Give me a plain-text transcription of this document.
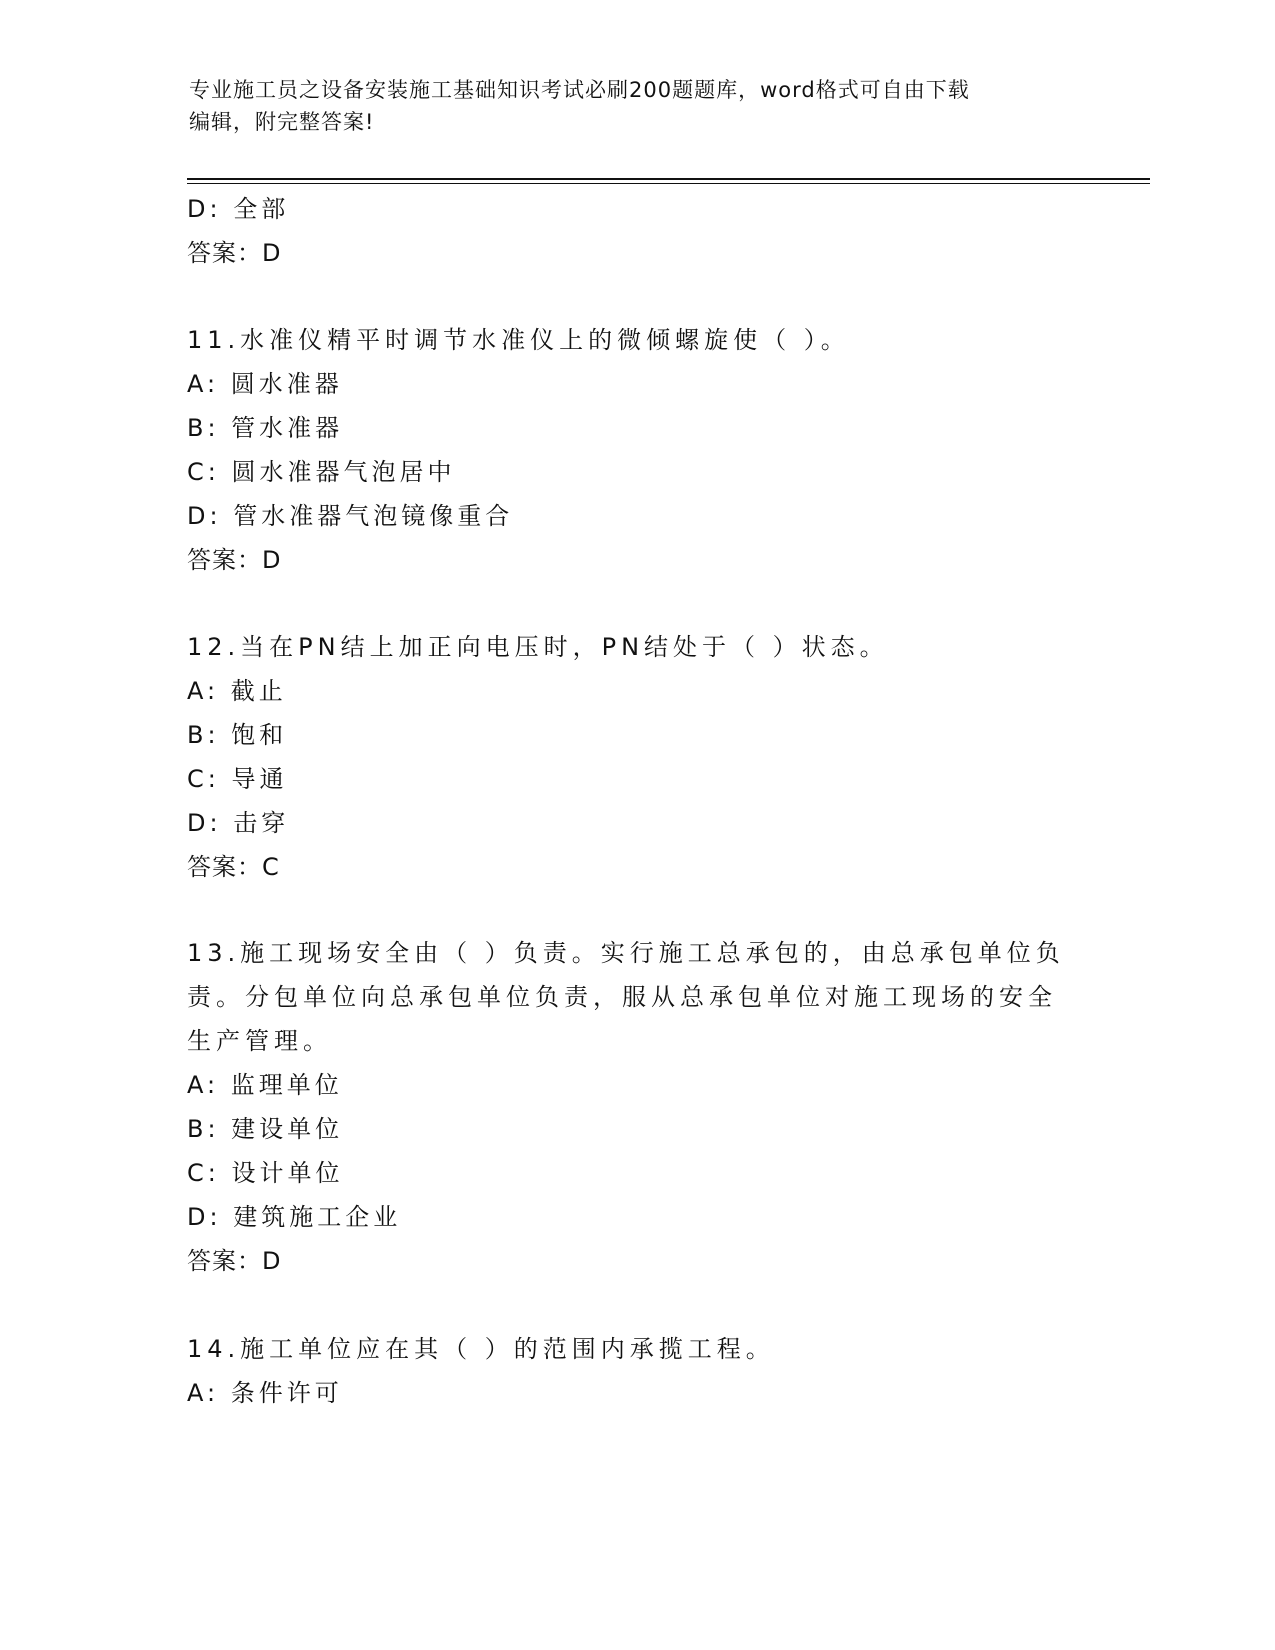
专业施工员之设备安装施工基础知识考试必刷200题题库，word格式可自由下载
编辑，附完整答案!
D: 全部
答案：D
11.水准仪精平时调节水准仪上的微倾螺旋使（ ）。
A: 圆水准器
B: 管水准器
C: 圆水准器气泡居中
D: 管水准器气泡镜像重合
答案：D
12.当在PN结上加正向电压时，PN结处于（ ）状态。
A: 截止
B: 饱和
C: 导通
D: 击穿
答案：C
13.施工现场安全由（ ）负责。实行施工总承包的，由总承包单位负
责。分包单位向总承包单位负责，服从总承包单位对施工现场的安全
生产管理。
A: 监理单位
B: 建设单位
C: 设计单位
D: 建筑施工企业
答案：D
14.施工单位应在其（ ）的范围内承揽工程。
A: 条件许可
